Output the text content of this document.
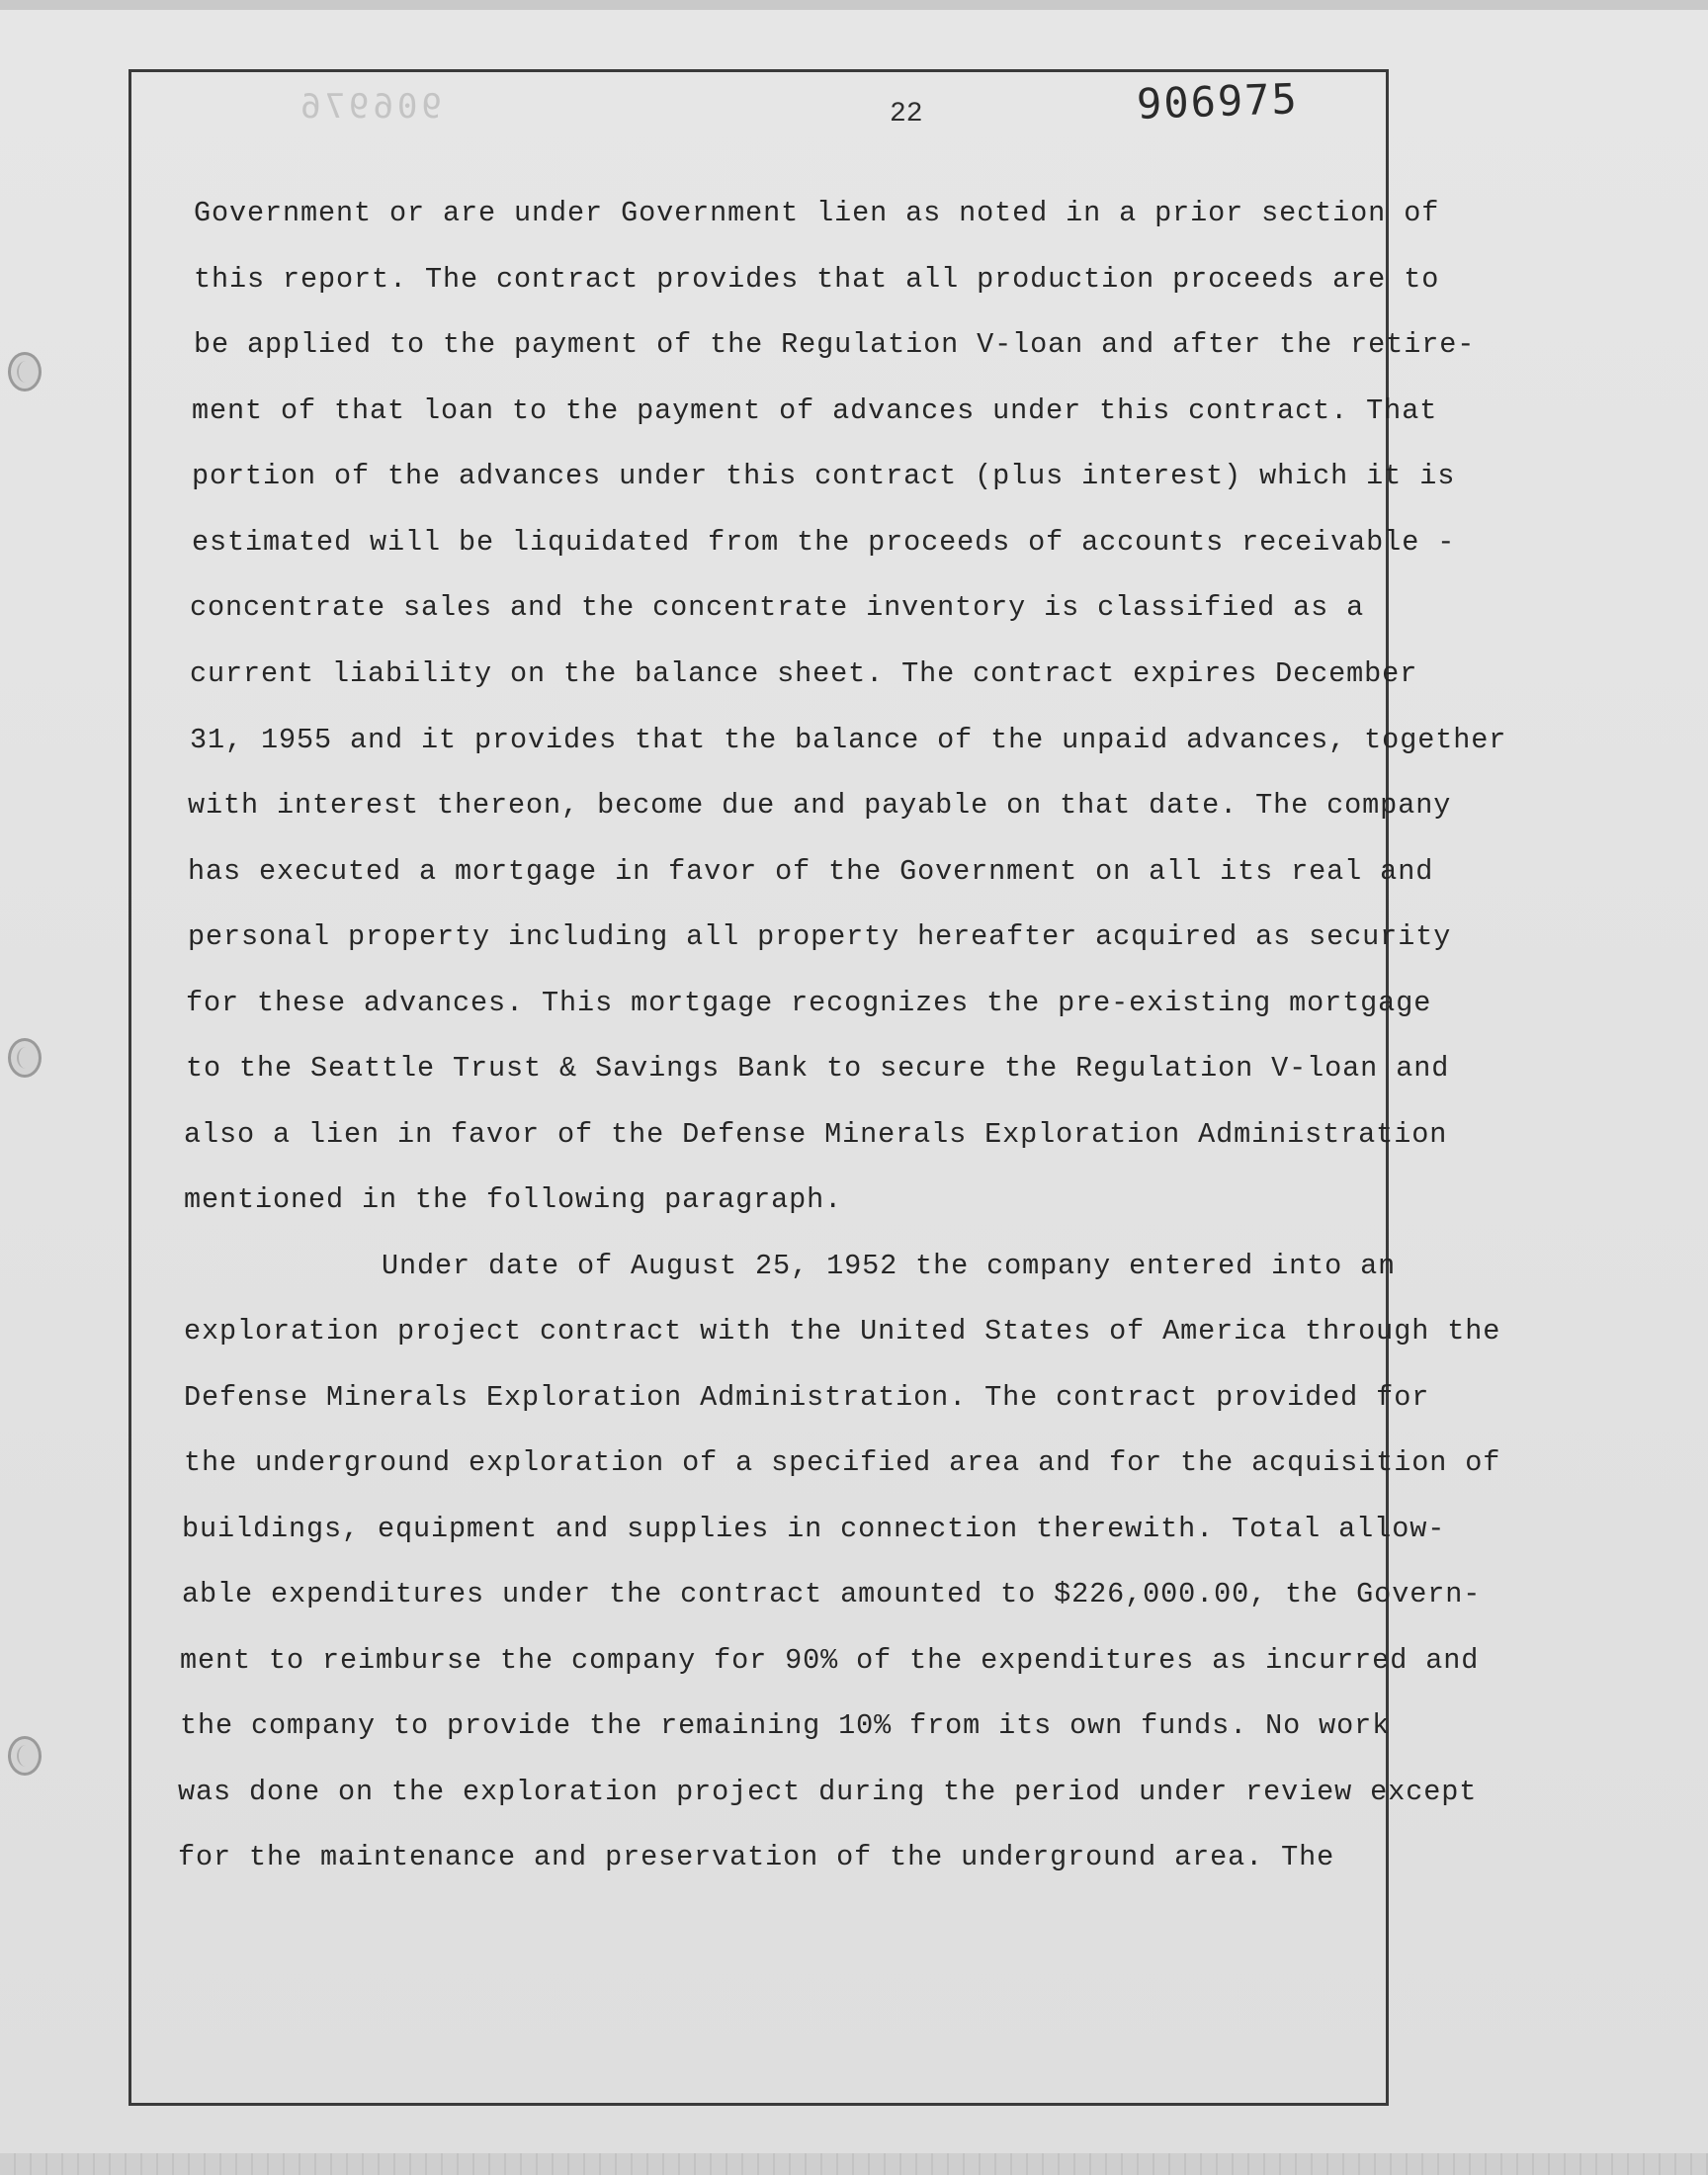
906976	22	906975
Government or are under Government lien as noted in a prior section of
this report. The contract provides that all production proceeds are to
be applied to the payment of the Regulation V-loan and after the retire-
ment of that loan to the payment of advances under this contract. That
portion of the advances under this contract (plus interest) which it is
estimated will be liquidated from the proceeds of accounts receivable -
concentrate sales and the concentrate inventory is classified as a
current liability on the balance sheet. The contract expires December
31, 1955 and it provides that the balance of the unpaid advances, together
with interest thereon, become due and payable on that date. The company
has executed a mortgage in favor of the Government on all its real and
personal property including all property hereafter acquired as security
for these advances. This mortgage recognizes the pre-existing mortgage
to the Seattle Trust & Savings Bank to secure the Regulation V-loan and
also a lien in favor of the Defense Minerals Exploration Administration
mentioned in the following paragraph.
Under date of August 25, 1952 the company entered into an
exploration project contract with the United States of America through the
Defense Minerals Exploration Administration. The contract provided for
the underground exploration of a specified area and for the acquisition of
buildings, equipment and supplies in connection therewith. Total allow-
able expenditures under the contract amounted to $226,000.00, the Govern-
ment to reimburse the company for 90% of the expenditures as incurred and
the company to provide the remaining 10% from its own funds. No work
was done on the exploration project during the period under review except
for the maintenance and preservation of the underground area. The
